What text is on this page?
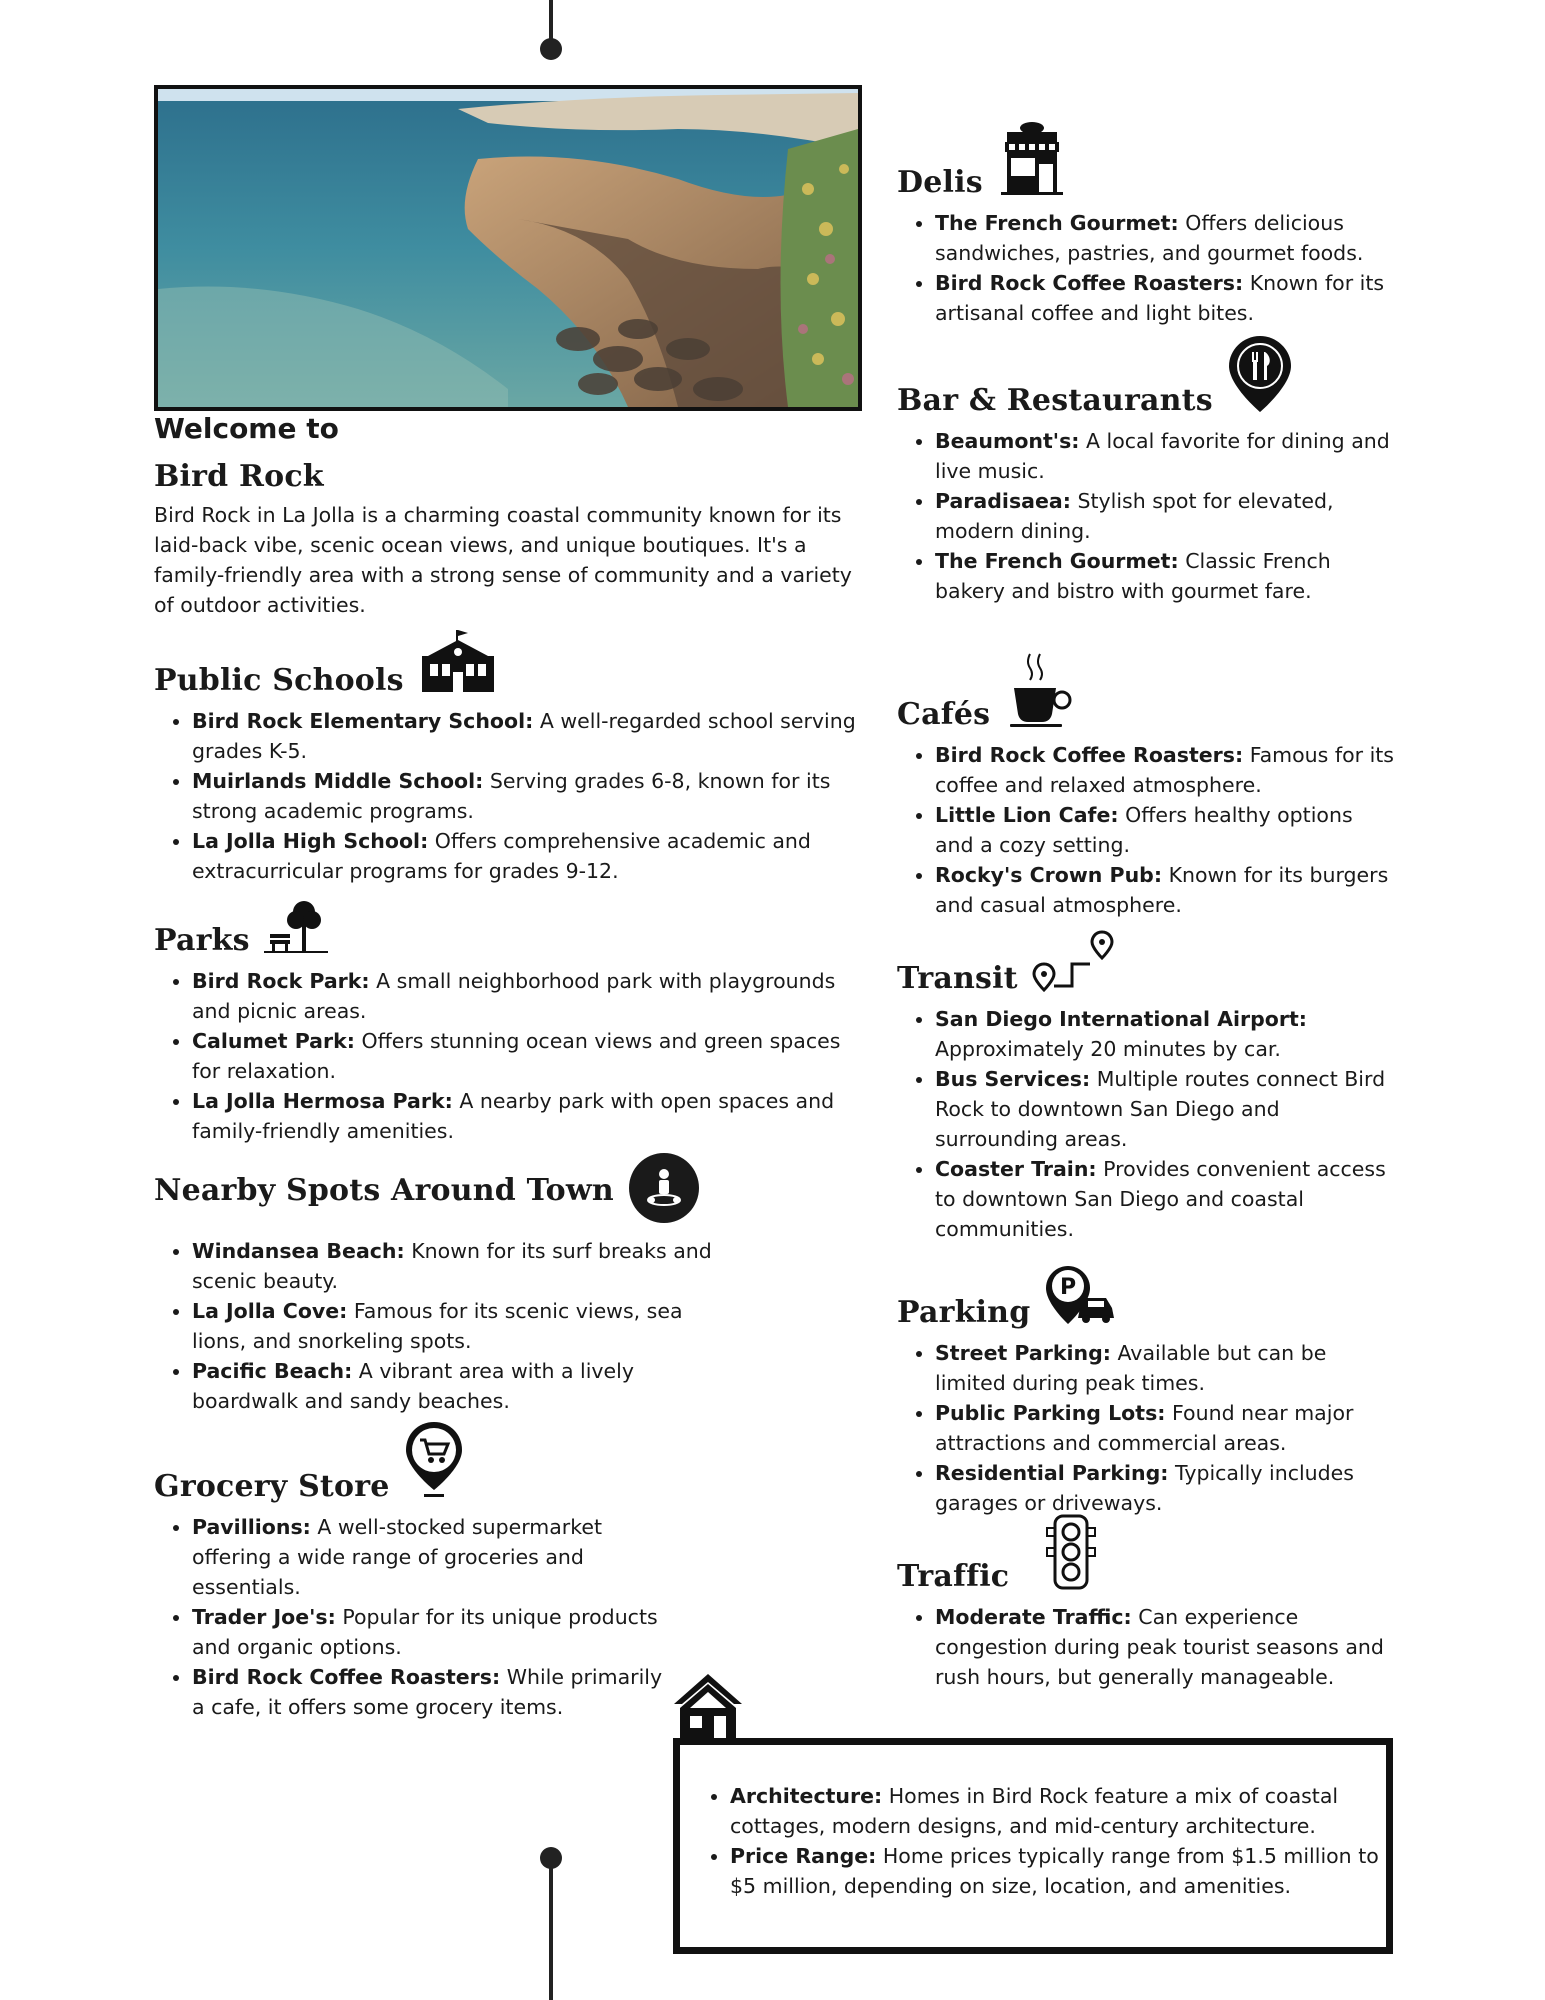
Welcome to

Bird Rock

Bird Rock in La Jolla is a charming coastal community known for its laid-back vibe, scenic ocean views, and unique boutiques. It's a family-friendly area with a strong sense of community and a variety of outdoor activities.

Public Schools
• Bird Rock Elementary School: A well-regarded school serving grades K-5.
• Muirlands Middle School: Serving grades 6-8, known for its strong academic programs.
• La Jolla High School: Offers comprehensive academic and extracurricular programs for grades 9-12.
Parks
• Bird Rock Park: A small neighborhood park with playgrounds and picnic areas.
• Calumet Park: Offers stunning ocean views and green spaces for relaxation.
• La Jolla Hermosa Park: A nearby park with open spaces and family-friendly amenities.
Nearby Spots Around Town
• Windansea Beach: Known for its surf breaks and scenic beauty.
• La Jolla Cove: Famous for its scenic views, sea lions, and snorkeling spots.
• Pacific Beach: A vibrant area with a lively boardwalk and sandy beaches.
Grocery Store
• Pavillions: A well-stocked supermarket offering a wide range of groceries and essentials.
• Trader Joe's: Popular for its unique products and organic options.
• Bird Rock Coffee Roasters: While primarily a cafe, it offers some grocery items.
Delis
• The French Gourmet: Offers delicious sandwiches, pastries, and gourmet foods.
• Bird Rock Coffee Roasters: Known for its artisanal coffee and light bites.
Bar & Restaurants
• Beaumont's: A local favorite for dining and live music.
• Paradisaea: Stylish spot for elevated, modern dining.
• The French Gourmet: Classic French bakery and bistro with gourmet fare.
Cafés
• Bird Rock Coffee Roasters: Famous for its coffee and relaxed atmosphere.
• Little Lion Cafe: Offers healthy options and a cozy setting.
• Rocky's Crown Pub: Known for its burgers and casual atmosphere.
Transit
• San Diego International Airport: Approximately 20 minutes by car.
• Bus Services: Multiple routes connect Bird Rock to downtown San Diego and surrounding areas.
• Coaster Train: Provides convenient access to downtown San Diego and coastal communities.
Parking
P
• Street Parking: Available but can be limited during peak times.
• Public Parking Lots: Found near major attractions and commercial areas.
• Residential Parking: Typically includes garages or driveways.
Traffic
• Moderate Traffic: Can experience congestion during peak tourist seasons and rush hours, but generally manageable.
• Architecture: Homes in Bird Rock feature a mix of coastal cottages, modern designs, and mid-century architecture.
• Price Range: Home prices typically range from $1.5 million to $5 million, depending on size, location, and amenities.
